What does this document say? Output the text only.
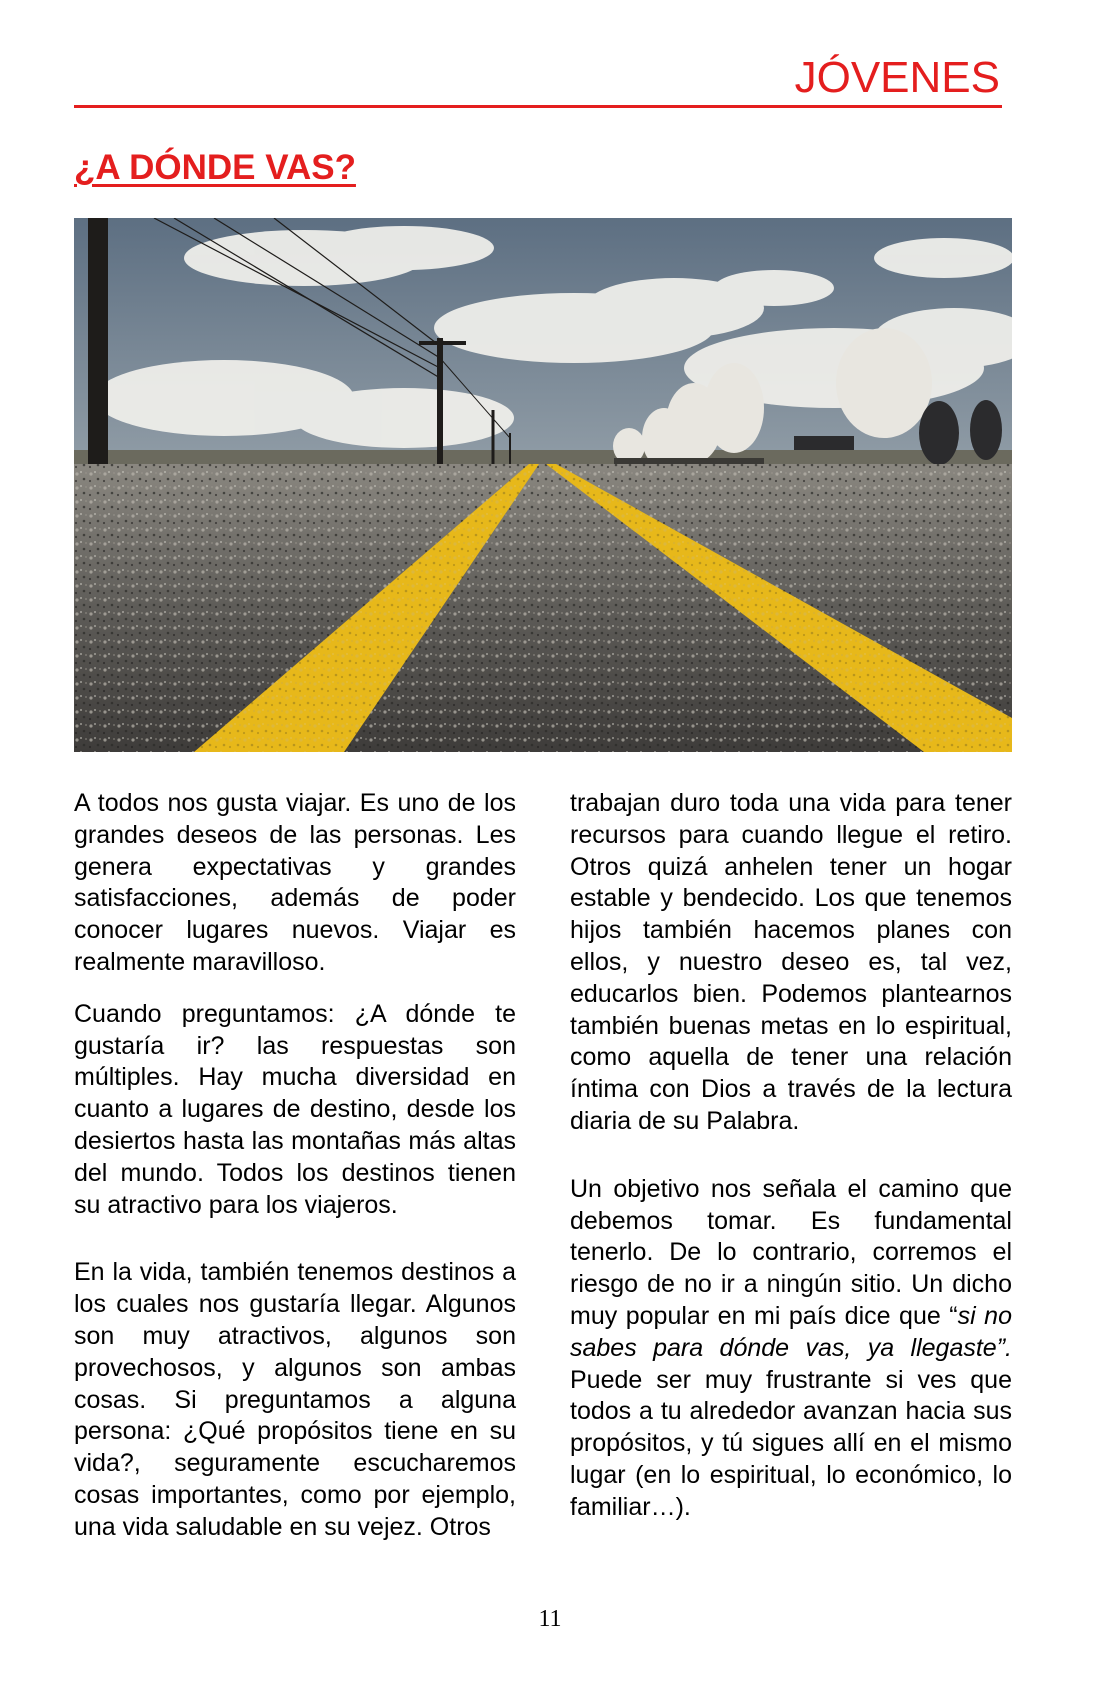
JÓVENES
¿A DÓNDE VAS?

A todos nos gusta viajar. Es uno de los grandes deseos de las personas. Les genera expectativas y grandes satisfacciones, además de poder conocer lugares nuevos. Viajar es realmente maravilloso.

Cuando preguntamos: ¿A dónde te gustaría ir? las respuestas son múltiples. Hay mucha diversidad en cuanto a lugares de destino, desde los desiertos hasta las montañas más altas del mundo. Todos los destinos tienen su atractivo para los viajeros.

En la vida, también tenemos destinos a los cuales nos gustaría llegar. Algunos son muy atractivos, algunos son provechosos, y algunos son ambas cosas. Si preguntamos a alguna persona: ¿Qué propósitos tiene en su vida?, seguramente escucharemos cosas importantes, como por ejemplo, una vida saludable en su vejez. Otros

trabajan duro toda una vida para tener recursos para cuando llegue el retiro. Otros quizá anhelen tener un hogar estable y bendecido. Los que tenemos hijos también hacemos planes con ellos, y nuestro deseo es, tal vez, educarlos bien. Podemos plantearnos también buenas metas en lo espiritual, como aquella de tener una relación íntima con Dios a través de la lectura diaria de su Palabra.

Un objetivo nos señala el camino que debemos tomar. Es fundamental tenerlo. De lo contrario, corremos el riesgo de no ir a ningún sitio. Un dicho muy popular en mi país dice que “si no sabes para dónde vas, ya llegaste”. Puede ser muy frustrante si ves que todos a tu alrededor avanzan hacia sus propósitos, y tú sigues allí en el mismo lugar (en lo espiritual, lo económico, lo familiar…).

11
